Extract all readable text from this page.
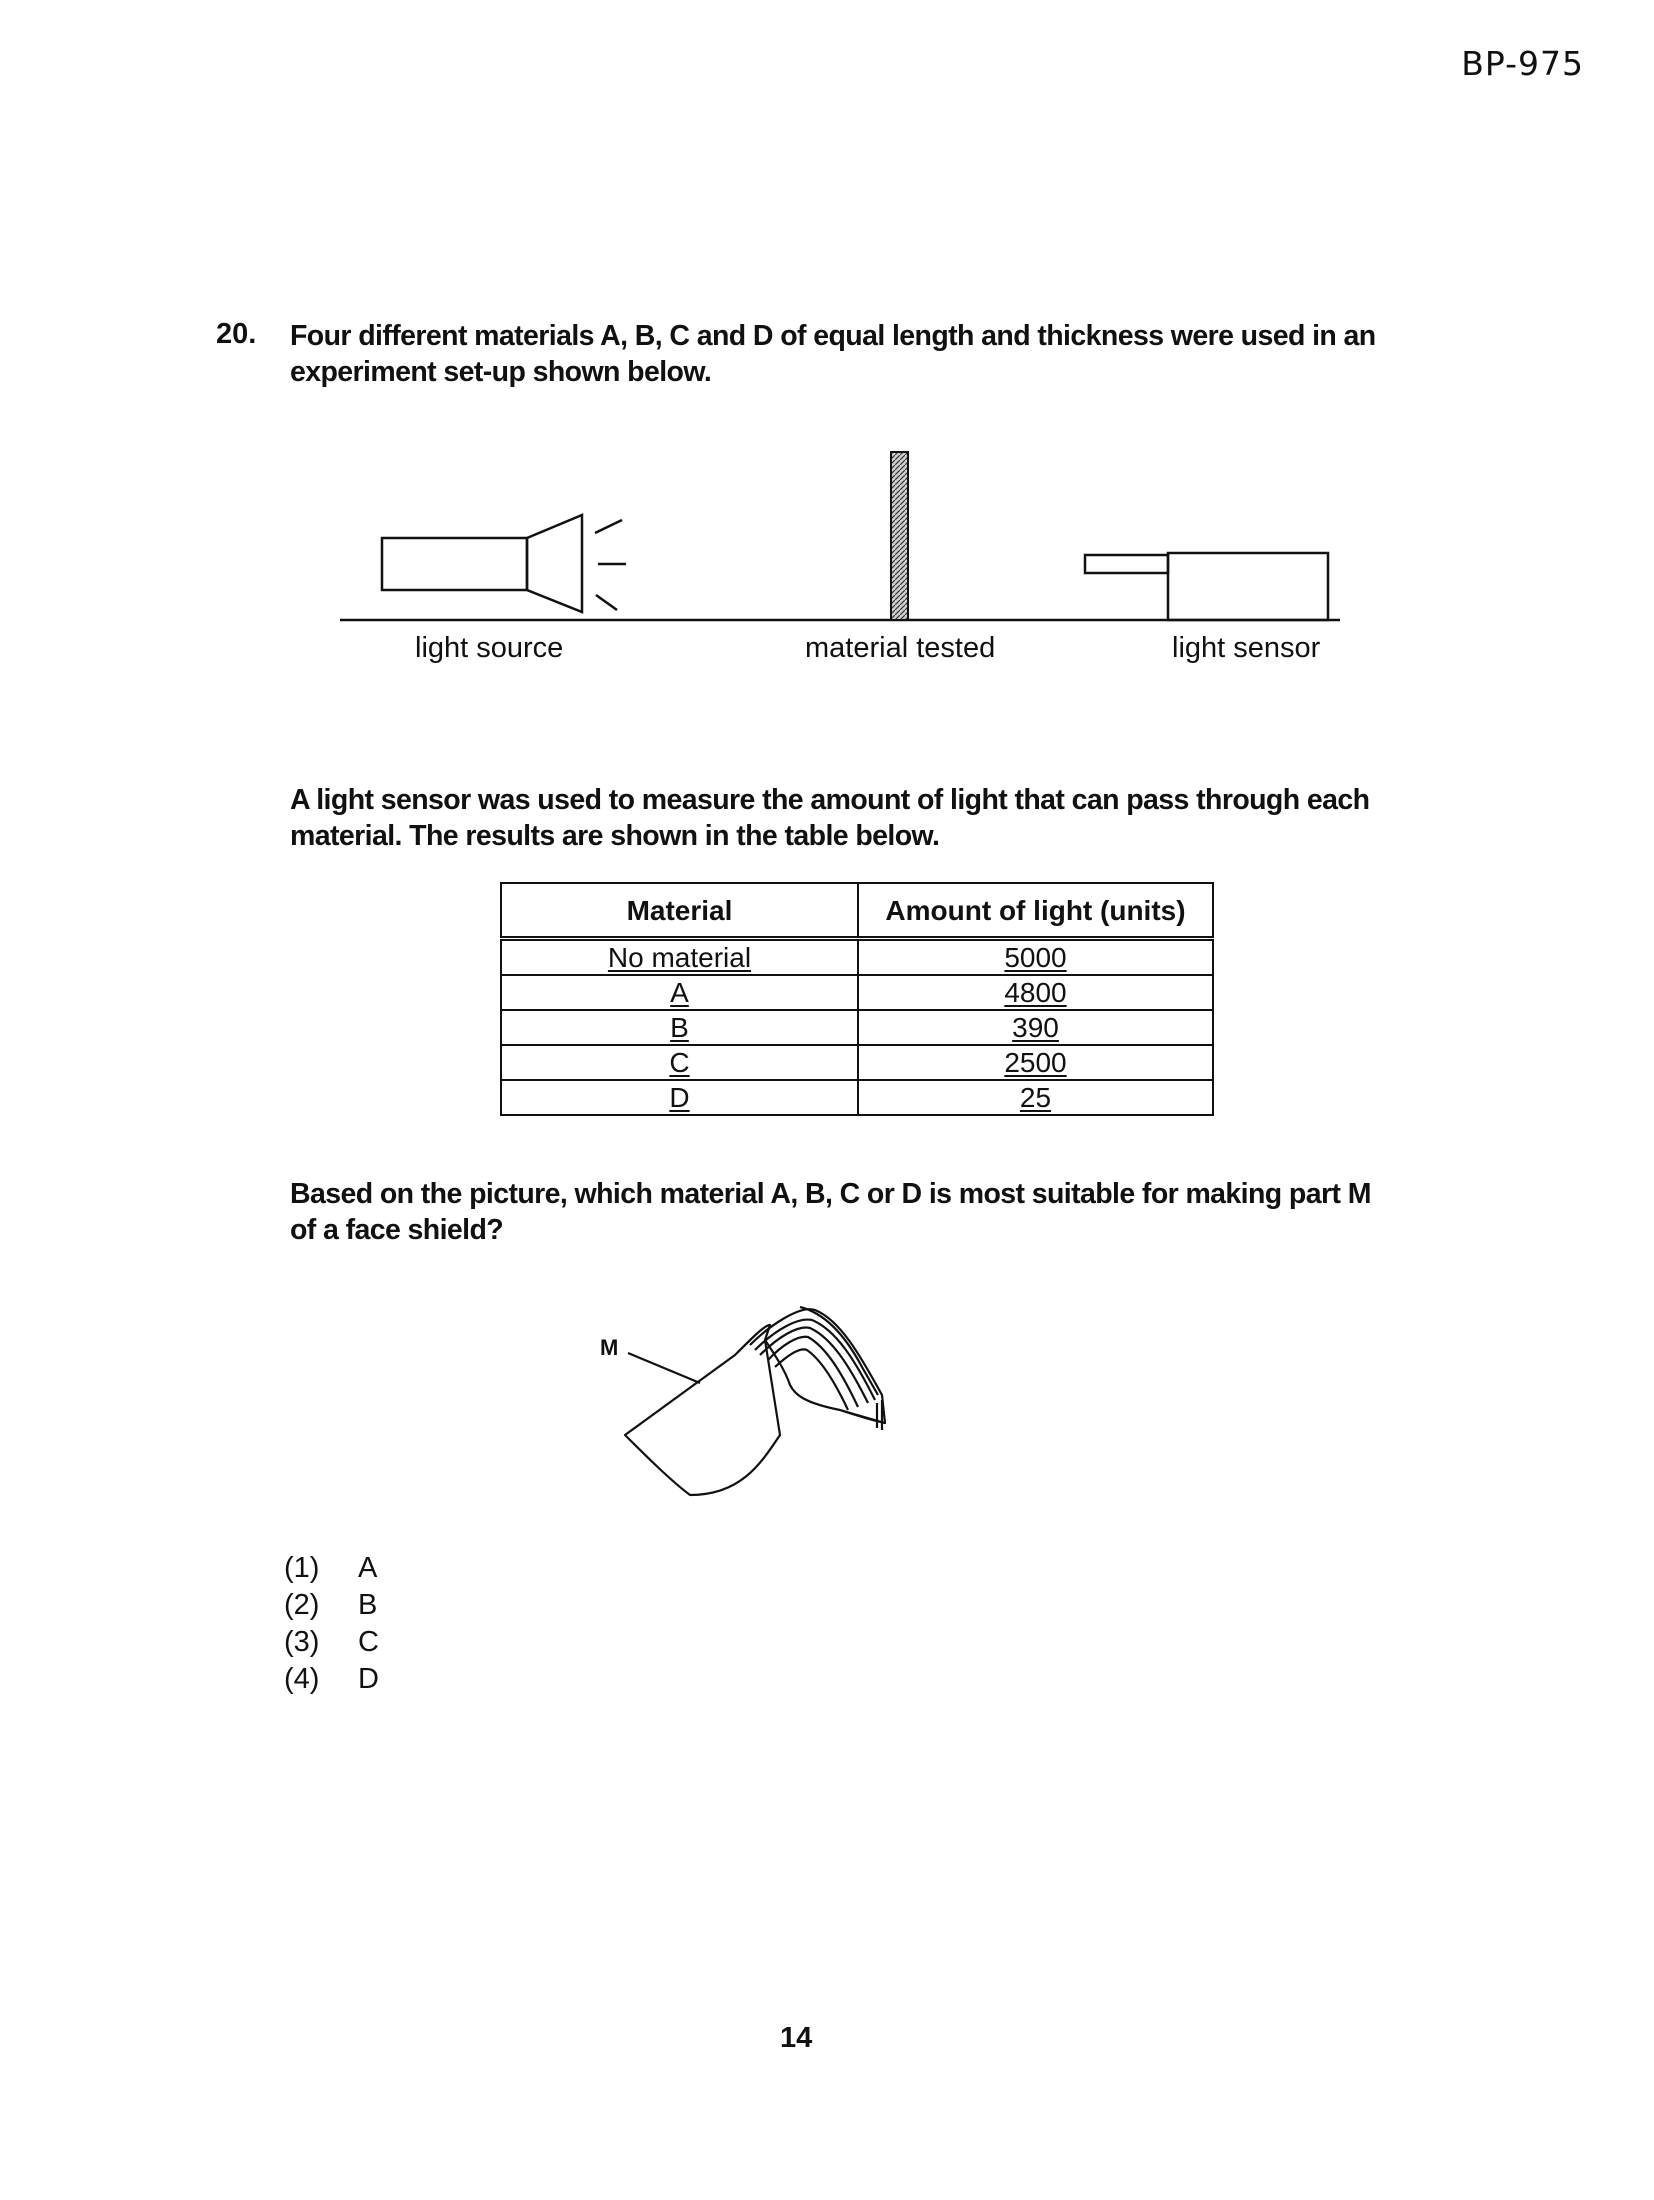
BP-975
20. Four different materials A, B, C and D of equal length and thickness were used in an
experiment set-up shown below.
light source	material tested	light sensor
A light sensor was used to measure the amount of light that can pass through each
material. The results are shown in the table below.
Material	Amount of light (units)
No material	5000
A	4800
B	390
C	2500
D	25
Based on the picture, which material A, B, C or D is most suitable for making part M
of a face shield?
M
(1)	A
(2)	B
(3)	C
(4)	D
14
